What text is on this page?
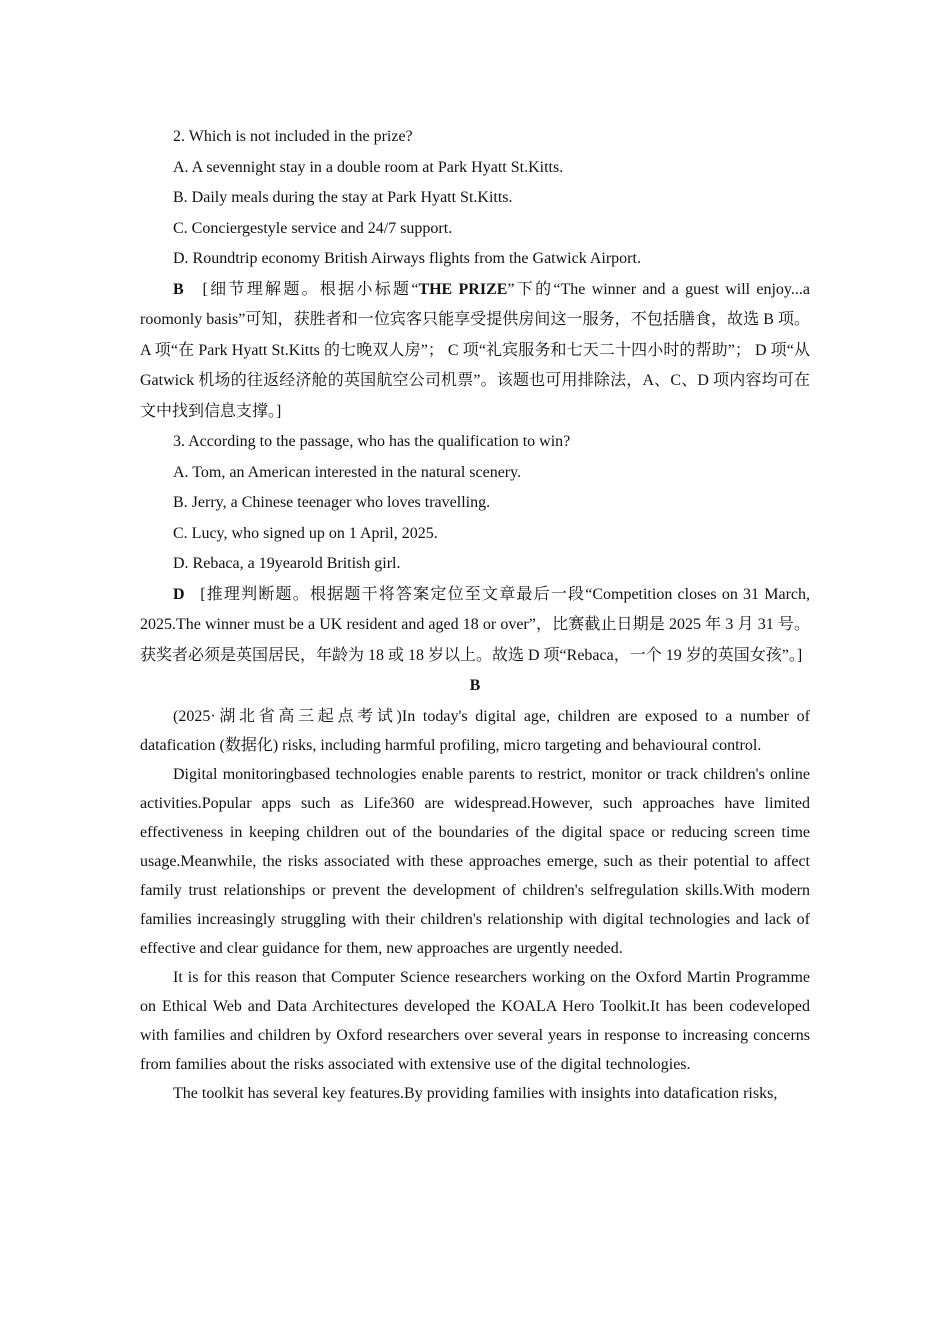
2. Which is not included in the prize?

A. A sevennight stay in a double room at Park Hyatt St.Kitts.

B. Daily meals during the stay at Park Hyatt St.Kitts.

C. Conciergestyle service and 24/7 support.

D. Roundtrip economy British Airways flights from the Gatwick Airport.

B [细节理解题。根据小标题“THE PRIZE”下的“The winner and a guest will enjoy...a roomonly basis”可知，获胜者和一位宾客只能享受提供房间这一服务，不包括膳食，故选 B 项。A 项“在 Park Hyatt St.Kitts 的七晚双人房”； C 项“礼宾服务和七天二十四小时的帮助”； D 项“从 Gatwick 机场的往返经济舱的英国航空公司机票”。该题也可用排除法，A、C、D 项内容均可在文中找到信息支撑。]

3. According to the passage, who has the qualification to win?

A. Tom, an American interested in the natural scenery.

B. Jerry, a Chinese teenager who loves travelling.

C. Lucy, who signed up on 1 April, 2025.

D. Rebaca, a 19yearold British girl.

D [推理判断题。根据题干将答案定位至文章最后一段“Competition closes on 31 March, 2025.The winner must be a UK resident and aged 18 or over”，比赛截止日期是 2025 年 3 月 31 号。获奖者必须是英国居民，年龄为 18 或 18 岁以上。故选 D 项“Rebaca，一个 19 岁的英国女孩”。]

B

(2025·湖北省高三起点考试)In today's digital age, children are exposed to a number of datafication (数据化) risks, including harmful profiling, micro targeting and behavioural control.

Digital monitoringbased technologies enable parents to restrict, monitor or track children's online activities.Popular apps such as Life360 are widespread.However, such approaches have limited effectiveness in keeping children out of the boundaries of the digital space or reducing screen time usage.Meanwhile, the risks associated with these approaches emerge, such as their potential to affect family trust relationships or prevent the development of children's selfregulation skills.With modern families increasingly struggling with their children's relationship with digital technologies and lack of effective and clear guidance for them, new approaches are urgently needed.

It is for this reason that Computer Science researchers working on the Oxford Martin Programme on Ethical Web and Data Architectures developed the KOALA Hero Toolkit.It has been codeveloped with families and children by Oxford researchers over several years in response to increasing concerns from families about the risks associated with extensive use of the digital technologies.

The toolkit has several key features.By providing families with insights into datafication risks,
